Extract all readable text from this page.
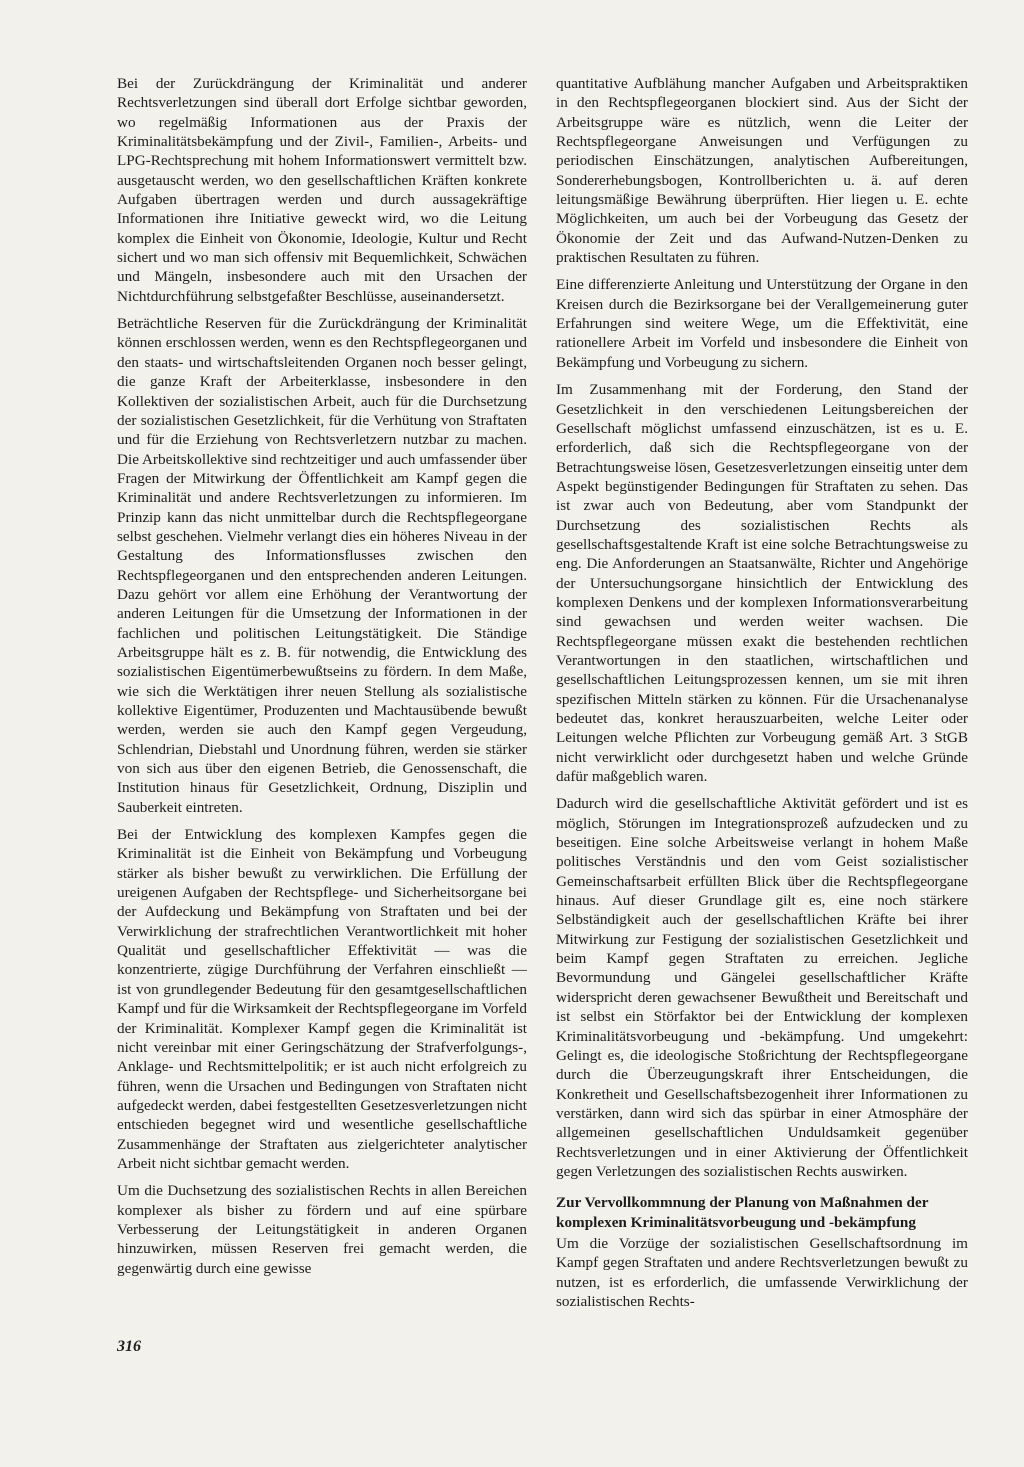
Bei der Zurückdrängung der Kriminalität und anderer Rechtsverletzungen sind überall dort Erfolge sichtbar geworden, wo regelmäßig Informationen aus der Praxis der Kriminalitätsbekämpfung und der Zivil-, Familien-, Arbeits- und LPG-Rechtsprechung mit hohem Informationswert vermittelt bzw. ausgetauscht werden, wo den gesellschaftlichen Kräften konkrete Aufgaben übertragen werden und durch aussagekräftige Informationen ihre Initiative geweckt wird, wo die Leitung komplex die Einheit von Ökonomie, Ideologie, Kultur und Recht sichert und wo man sich offensiv mit Bequemlichkeit, Schwächen und Mängeln, insbesondere auch mit den Ursachen der Nichtdurchführung selbstgefaßter Beschlüsse, auseinandersetzt.

Beträchtliche Reserven für die Zurückdrängung der Kriminalität können erschlossen werden, wenn es den Rechtspflegeorganen und den staats- und wirtschaftsleitenden Organen noch besser gelingt, die ganze Kraft der Arbeiterklasse, insbesondere in den Kollektiven der sozialistischen Arbeit, auch für die Durchsetzung der sozialistischen Gesetzlichkeit, für die Verhütung von Straftaten und für die Erziehung von Rechtsverletzern nutzbar zu machen. Die Arbeitskollektive sind rechtzeitiger und auch umfassender über Fragen der Mitwirkung der Öffentlichkeit am Kampf gegen die Kriminalität und andere Rechtsverletzungen zu informieren. Im Prinzip kann das nicht unmittelbar durch die Rechtspflegeorgane selbst geschehen. Vielmehr verlangt dies ein höheres Niveau in der Gestaltung des Informationsflusses zwischen den Rechtspflegeorganen und den entsprechenden anderen Leitungen. Dazu gehört vor allem eine Erhöhung der Verantwortung der anderen Leitungen für die Umsetzung der Informationen in der fachlichen und politischen Leitungstätigkeit. Die Ständige Arbeitsgruppe hält es z. B. für notwendig, die Entwicklung des sozialistischen Eigentümerbewußtseins zu fördern. In dem Maße, wie sich die Werktätigen ihrer neuen Stellung als sozialistische kollektive Eigentümer, Produzenten und Machtausübende bewußt werden, werden sie auch den Kampf gegen Vergeudung, Schlendrian, Diebstahl und Unordnung führen, werden sie stärker von sich aus über den eigenen Betrieb, die Genossenschaft, die Institution hinaus für Gesetzlichkeit, Ordnung, Disziplin und Sauberkeit eintreten.

Bei der Entwicklung des komplexen Kampfes gegen die Kriminalität ist die Einheit von Bekämpfung und Vorbeugung stärker als bisher bewußt zu verwirklichen. Die Erfüllung der ureigenen Aufgaben der Rechtspflege- und Sicherheitsorgane bei der Aufdeckung und Bekämpfung von Straftaten und bei der Verwirklichung der strafrechtlichen Verantwortlichkeit mit hoher Qualität und gesellschaftlicher Effektivität — was die konzentrierte, zügige Durchführung der Verfahren einschließt — ist von grundlegender Bedeutung für den gesamtgesellschaftlichen Kampf und für die Wirksamkeit der Rechtspflegeorgane im Vorfeld der Kriminalität. Komplexer Kampf gegen die Kriminalität ist nicht vereinbar mit einer Geringschätzung der Strafverfolgungs-, Anklage- und Rechtsmittelpolitik; er ist auch nicht erfolgreich zu führen, wenn die Ursachen und Bedingungen von Straftaten nicht aufgedeckt werden, dabei festgestellten Gesetzesverletzungen nicht entschieden begegnet wird und wesentliche gesellschaftliche Zusammenhänge der Straftaten aus zielgerichteter analytischer Arbeit nicht sichtbar gemacht werden.

Um die Duchsetzung des sozialistischen Rechts in allen Bereichen komplexer als bisher zu fördern und auf eine spürbare Verbesserung der Leitungstätigkeit in anderen Organen hinzuwirken, müssen Reserven frei gemacht werden, die gegenwärtig durch eine gewisse

quantitative Aufblähung mancher Aufgaben und Arbeitspraktiken in den Rechtspflegeorganen blockiert sind. Aus der Sicht der Arbeitsgruppe wäre es nützlich, wenn die Leiter der Rechtspflegeorgane Anweisungen und Verfügungen zu periodischen Einschätzungen, analytischen Aufbereitungen, Sondererhebungsbogen, Kontrollberichten u. ä. auf deren leitungsmäßige Bewährung überprüften. Hier liegen u. E. echte Möglichkeiten, um auch bei der Vorbeugung das Gesetz der Ökonomie der Zeit und das Aufwand-Nutzen-Denken zu praktischen Resultaten zu führen.

Eine differenzierte Anleitung und Unterstützung der Organe in den Kreisen durch die Bezirksorgane bei der Verallgemeinerung guter Erfahrungen sind weitere Wege, um die Effektivität, eine rationellere Arbeit im Vorfeld und insbesondere die Einheit von Bekämpfung und Vorbeugung zu sichern.

Im Zusammenhang mit der Forderung, den Stand der Gesetzlichkeit in den verschiedenen Leitungsbereichen der Gesellschaft möglichst umfassend einzuschätzen, ist es u. E. erforderlich, daß sich die Rechtspflegeorgane von der Betrachtungsweise lösen, Gesetzesverletzungen einseitig unter dem Aspekt begünstigender Bedingungen für Straftaten zu sehen. Das ist zwar auch von Bedeutung, aber vom Standpunkt der Durchsetzung des sozialistischen Rechts als gesellschaftsgestaltende Kraft ist eine solche Betrachtungsweise zu eng. Die Anforderungen an Staatsanwälte, Richter und Angehörige der Untersuchungsorgane hinsichtlich der Entwicklung des komplexen Denkens und der komplexen Informationsverarbeitung sind gewachsen und werden weiter wachsen. Die Rechtspflegeorgane müssen exakt die bestehenden rechtlichen Verantwortungen in den staatlichen, wirtschaftlichen und gesellschaftlichen Leitungsprozessen kennen, um sie mit ihren spezifischen Mitteln stärken zu können. Für die Ursachenanalyse bedeutet das, konkret herauszuarbeiten, welche Leiter oder Leitungen welche Pflichten zur Vorbeugung gemäß Art. 3 StGB nicht verwirklicht oder durchgesetzt haben und welche Gründe dafür maßgeblich waren.

Dadurch wird die gesellschaftliche Aktivität gefördert und ist es möglich, Störungen im Integrationsprozeß aufzudecken und zu beseitigen. Eine solche Arbeitsweise verlangt in hohem Maße politisches Verständnis und den vom Geist sozialistischer Gemeinschaftsarbeit erfüllten Blick über die Rechtspflegeorgane hinaus. Auf dieser Grundlage gilt es, eine noch stärkere Selbständigkeit auch der gesellschaftlichen Kräfte bei ihrer Mitwirkung zur Festigung der sozialistischen Gesetzlichkeit und beim Kampf gegen Straftaten zu erreichen. Jegliche Bevormundung und Gängelei gesellschaftlicher Kräfte widerspricht deren gewachsener Bewußtheit und Bereitschaft und ist selbst ein Störfaktor bei der Entwicklung der komplexen Kriminalitätsvorbeugung und -bekämpfung. Und umgekehrt: Gelingt es, die ideologische Stoßrichtung der Rechtspflegeorgane durch die Überzeugungskraft ihrer Entscheidungen, die Konkretheit und Gesellschaftsbezogenheit ihrer Informationen zu verstärken, dann wird sich das spürbar in einer Atmosphäre der allgemeinen gesellschaftlichen Unduldsamkeit gegenüber Rechtsverletzungen und in einer Aktivierung der Öffentlichkeit gegen Verletzungen des sozialistischen Rechts auswirken.

Zur Vervollkommnung der Planung von Maßnahmen der komplexen Kriminalitätsvorbeugung und -bekämpfung

Um die Vorzüge der sozialistischen Gesellschaftsordnung im Kampf gegen Straftaten und andere Rechtsverletzungen bewußt zu nutzen, ist es erforderlich, die umfassende Verwirklichung der sozialistischen Rechts-

316
